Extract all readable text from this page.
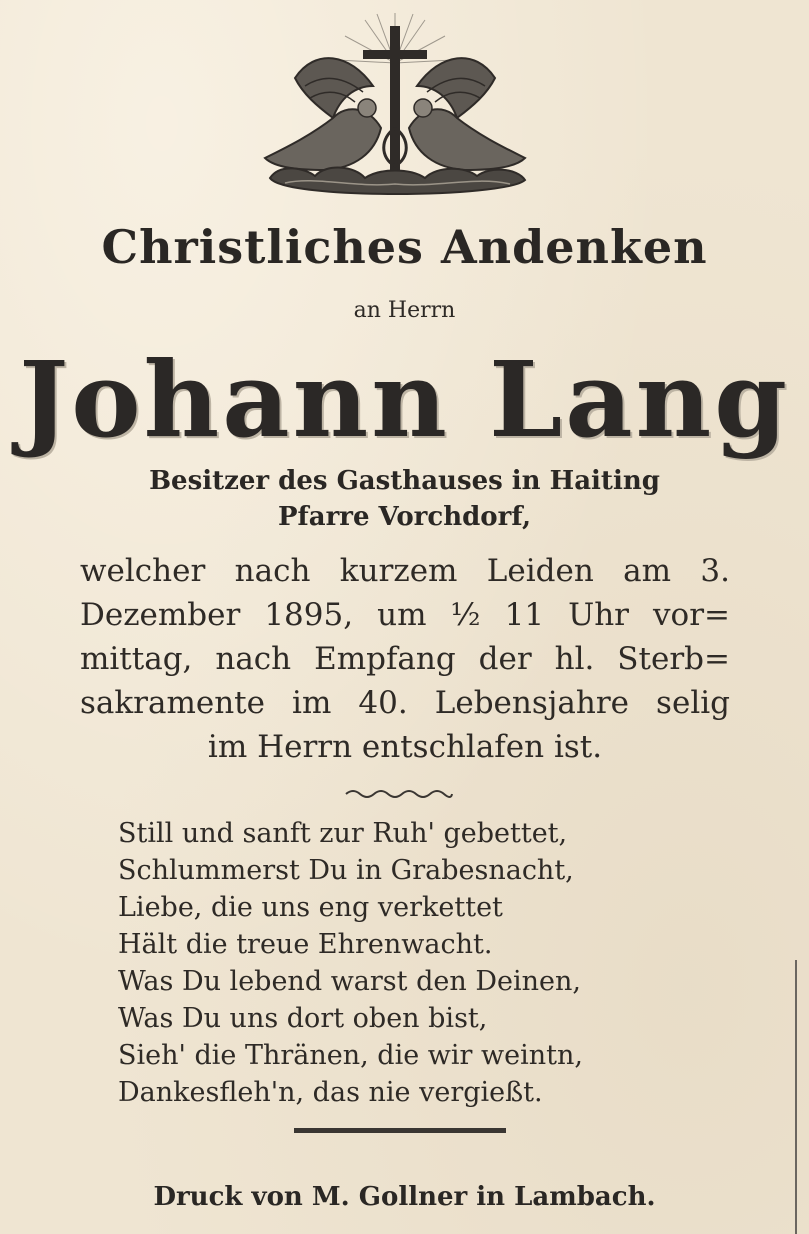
Christliches Andenken
an Herrn
Johann Lang
Besitzer des Gasthauses in Haiting
Pfarre Vorchdorf,
welcher nach kurzem Leiden am 3.
Dezember 1895, um ½ 11 Uhr vor=
mittag, nach Empfang der hl. Sterb=
sakramente im 40. Lebensjahre selig
im Herrn entschlafen ist.
Still und sanft zur Ruh' gebettet,
Schlummerst Du in Grabesnacht,
Liebe, die uns eng verkettet
Hält die treue Ehrenwacht.
Was Du lebend warst den Deinen,
Was Du uns dort oben bist,
Sieh' die Thränen, die wir weintn,
Dankesfleh'n, das nie vergießt.
Druck von M. Gollner in Lambach.
